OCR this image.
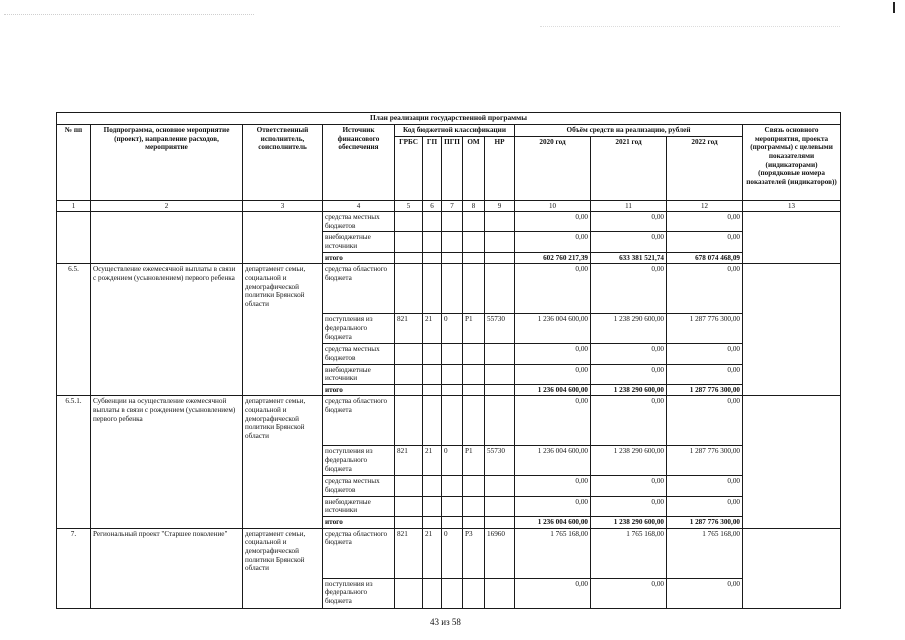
План реализации государственной программы												
№ пп	Подпрограмма, основное мероприятие (проект), направление расходов, мероприятие	Ответственный исполнитель, соисполнитель	Источник финансового обеспечения	Код бюджетной классификации					Объём средств на реализацию, рублей			Связь основного мероприятия, проекта (программы) с целевыми показателями (индикаторами) (порядковые номера показателей (индикаторов))
				ГРБС	ГП	ПГП	ОМ	НР	2020 год	2021 год	2022 год	
1	2	3	4	5	6	7	8	9	10	11	12	13
			средства местных бюджетов						0,00	0,00	0,00	
			внебюджетные источники						0,00	0,00	0,00	
			итого						602 760 217,39	633 381 521,74	678 074 468,09	
6.5.	Осуществление ежемесячной выплаты в связи с рождением (усыновлением) первого ребенка	департамент семьи, социальной и демографической политики Брянской области	средства областного бюджета						0,00	0,00	0,00	
			поступления из федерального бюджета	821	21	0	P1	55730	1 236 004 600,00	1 238 290 600,00	1 287 776 300,00	
			средства местных бюджетов						0,00	0,00	0,00	
			внебюджетные источники						0,00	0,00	0,00	
			итого						1 236 004 600,00	1 238 290 600,00	1 287 776 300,00	
6.5.1.	Субвенции на осуществление ежемесячной выплаты в связи с рождением (усыновлением) первого ребенка	департамент семьи, социальной и демографической политики Брянской области	средства областного бюджета						0,00	0,00	0,00	
			поступления из федерального бюджета	821	21	0	P1	55730	1 236 004 600,00	1 238 290 600,00	1 287 776 300,00	
			средства местных бюджетов						0,00	0,00	0,00	
			внебюджетные источники						0,00	0,00	0,00	
			итого						1 236 004 600,00	1 238 290 600,00	1 287 776 300,00	
7.	Региональный проект "Старшее поколение"	департамент семьи, социальной и демографической политики Брянской области	средства областного бюджета	821	21	0	P3	16960	1 765 168,00	1 765 168,00	1 765 168,00	
			поступления из федерального бюджета						0,00	0,00	0,00	
43 из 58
